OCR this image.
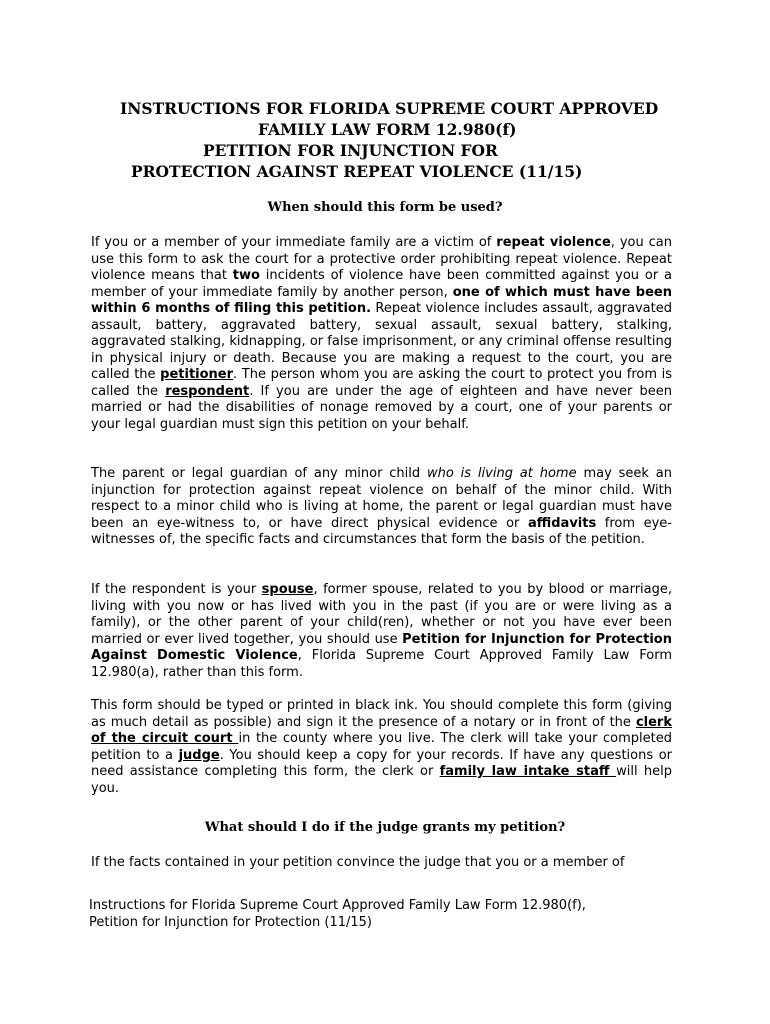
INSTRUCTIONS FOR FLORIDA SUPREME COURT APPROVED
FAMILY LAW FORM 12.980(f)
PETITION FOR INJUNCTION FOR
PROTECTION AGAINST REPEAT VIOLENCE (11/15)
When should this form be used?
If you or a member of your immediate family are a victim of repeat violence, you can use this form to ask the court for a protective order prohibiting repeat violence. Repeat violence means that two incidents of violence have been committed against you or a member of your immediate family by another person, one of which must have been within 6 months of filing this petition. Repeat violence includes assault, aggravated assault, battery, aggravated battery, sexual assault, sexual battery, stalking, aggravated stalking, kidnapping, or false imprisonment, or any criminal offense resulting in physical injury or death. Because you are making a request to the court, you are called the petitioner. The person whom you are asking the court to protect you from is called the respondent. If you are under the age of eighteen and have never been married or had the disabilities of nonage removed by a court, one of your parents or your legal guardian must sign this petition on your behalf.
The parent or legal guardian of any minor child who is living at home may seek an injunction for protection against repeat violence on behalf of the minor child. With respect to a minor child who is living at home, the parent or legal guardian must have been an eye-witness to, or have direct physical evidence or affidavits from eye-witnesses of, the specific facts and circumstances that form the basis of the petition.
If the respondent is your spouse, former spouse, related to you by blood or marriage, living with you now or has lived with you in the past (if you are or were living as a family), or the other parent of your child(ren), whether or not you have ever been married or ever lived together, you should use Petition for Injunction for Protection Against Domestic Violence, Florida Supreme Court Approved Family Law Form 12.980(a), rather than this form.
This form should be typed or printed in black ink. You should complete this form (giving as much detail as possible) and sign it the presence of a notary or in front of the clerk of the circuit court in the county where you live. The clerk will take your completed petition to a judge. You should keep a copy for your records. If have any questions or need assistance completing this form, the clerk or family law intake staff will help you.
What should I do if the judge grants my petition?
If the facts contained in your petition convince the judge that you or a member of
Instructions for Florida Supreme Court Approved Family Law Form 12.980(f),
Petition for Injunction for Protection (11/15)
